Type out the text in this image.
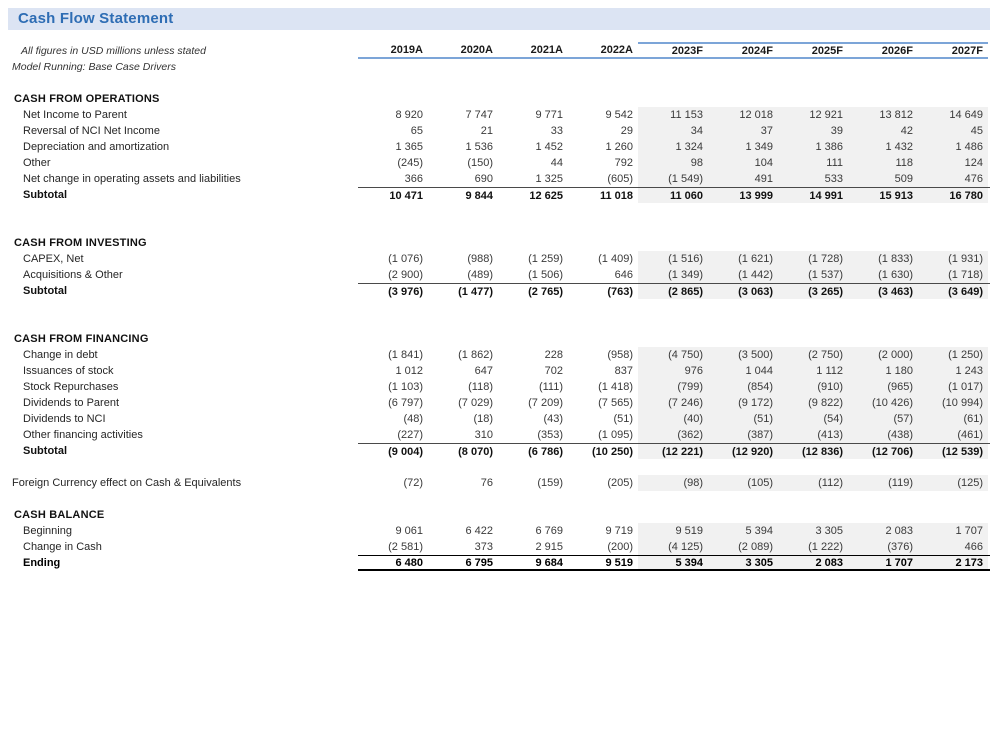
Cash Flow Statement
All figures in USD millions unless stated	2019A	2020A	2021A	2022A	2023F	2024F	2025F	2026F	2027F
Model Running: Base Case Drivers
CASH FROM OPERATIONS
Net Income to Parent	8 920	7 747	9 771	9 542	11 153	12 018	12 921	13 812	14 649
Reversal of NCI Net Income	65	21	33	29	34	37	39	42	45
Depreciation and amortization	1 365	1 536	1 452	1 260	1 324	1 349	1 386	1 432	1 486
Other	(245)	(150)	44	792	98	104	111	118	124
Net change in operating assets and liabilities	366	690	1 325	(605)	(1 549)	491	533	509	476
Subtotal	10 471	9 844	12 625	11 018	11 060	13 999	14 991	15 913	16 780
CASH FROM INVESTING
CAPEX, Net	(1 076)	(988)	(1 259)	(1 409)	(1 516)	(1 621)	(1 728)	(1 833)	(1 931)
Acquisitions & Other	(2 900)	(489)	(1 506)	646	(1 349)	(1 442)	(1 537)	(1 630)	(1 718)
Subtotal	(3 976)	(1 477)	(2 765)	(763)	(2 865)	(3 063)	(3 265)	(3 463)	(3 649)
CASH FROM FINANCING
Change in debt	(1 841)	(1 862)	228	(958)	(4 750)	(3 500)	(2 750)	(2 000)	(1 250)
Issuances of stock	1 012	647	702	837	976	1 044	1 112	1 180	1 243
Stock Repurchases	(1 103)	(118)	(111)	(1 418)	(799)	(854)	(910)	(965)	(1 017)
Dividends to Parent	(6 797)	(7 029)	(7 209)	(7 565)	(7 246)	(9 172)	(9 822)	(10 426)	(10 994)
Dividends to NCI	(48)	(18)	(43)	(51)	(40)	(51)	(54)	(57)	(61)
Other financing activities	(227)	310	(353)	(1 095)	(362)	(387)	(413)	(438)	(461)
Subtotal	(9 004)	(8 070)	(6 786)	(10 250)	(12 221)	(12 920)	(12 836)	(12 706)	(12 539)
Foreign Currency effect on Cash & Equivalents	(72)	76	(159)	(205)	(98)	(105)	(112)	(119)	(125)
CASH BALANCE
Beginning	9 061	6 422	6 769	9 719	9 519	5 394	3 305	2 083	1 707
Change in Cash	(2 581)	373	2 915	(200)	(4 125)	(2 089)	(1 222)	(376)	466
Ending	6 480	6 795	9 684	9 519	5 394	3 305	2 083	1 707	2 173
